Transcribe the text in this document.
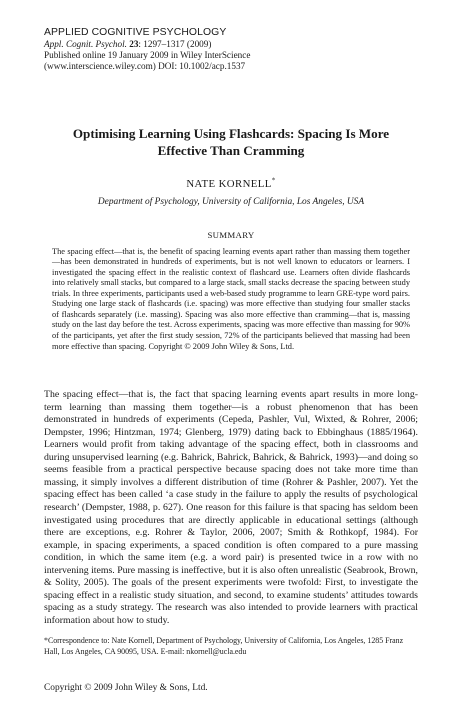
APPLIED COGNITIVE PSYCHOLOGY
Appl. Cognit. Psychol. 23: 1297–1317 (2009)
Published online 19 January 2009 in Wiley InterScience
(www.interscience.wiley.com) DOI: 10.1002/acp.1537
Optimising Learning Using Flashcards: Spacing Is More Effective Than Cramming
NATE KORNELL*
Department of Psychology, University of California, Los Angeles, USA
SUMMARY
The spacing effect—that is, the benefit of spacing learning events apart rather than massing them together—has been demonstrated in hundreds of experiments, but is not well known to educators or learners. I investigated the spacing effect in the realistic context of flashcard use. Learners often divide flashcards into relatively small stacks, but compared to a large stack, small stacks decrease the spacing between study trials. In three experiments, participants used a web-based study programme to learn GRE-type word pairs. Studying one large stack of flashcards (i.e. spacing) was more effective than studying four smaller stacks of flashcards separately (i.e. massing). Spacing was also more effective than cramming—that is, massing study on the last day before the test. Across experiments, spacing was more effective than massing for 90% of the participants, yet after the first study session, 72% of the participants believed that massing had been more effective than spacing. Copyright © 2009 John Wiley & Sons, Ltd.
The spacing effect—that is, the fact that spacing learning events apart results in more long-term learning than massing them together—is a robust phenomenon that has been demonstrated in hundreds of experiments (Cepeda, Pashler, Vul, Wixted, & Rohrer, 2006; Dempster, 1996; Hintzman, 1974; Glenberg, 1979) dating back to Ebbinghaus (1885/1964). Learners would profit from taking advantage of the spacing effect, both in classrooms and during unsupervised learning (e.g. Bahrick, Bahrick, Bahrick, & Bahrick, 1993)—and doing so seems feasible from a practical perspective because spacing does not take more time than massing, it simply involves a different distribution of time (Rohrer & Pashler, 2007). Yet the spacing effect has been called ‘a case study in the failure to apply the results of psychological research’ (Dempster, 1988, p. 627). One reason for this failure is that spacing has seldom been investigated using procedures that are directly applicable in educational settings (although there are exceptions, e.g. Rohrer & Taylor, 2006, 2007; Smith & Rothkopf, 1984). For example, in spacing experiments, a spaced condition is often compared to a pure massing condition, in which the same item (e.g. a word pair) is presented twice in a row with no intervening items. Pure massing is ineffective, but it is also often unrealistic (Seabrook, Brown, & Solity, 2005). The goals of the present experiments were twofold: First, to investigate the spacing effect in a realistic study situation, and second, to examine students’ attitudes towards spacing as a study strategy. The research was also intended to provide learners with practical information about how to study.
*Correspondence to: Nate Kornell, Department of Psychology, University of California, Los Angeles, 1285 Franz Hall, Los Angeles, CA 90095, USA. E-mail: nkornell@ucla.edu
Copyright © 2009 John Wiley & Sons, Ltd.
